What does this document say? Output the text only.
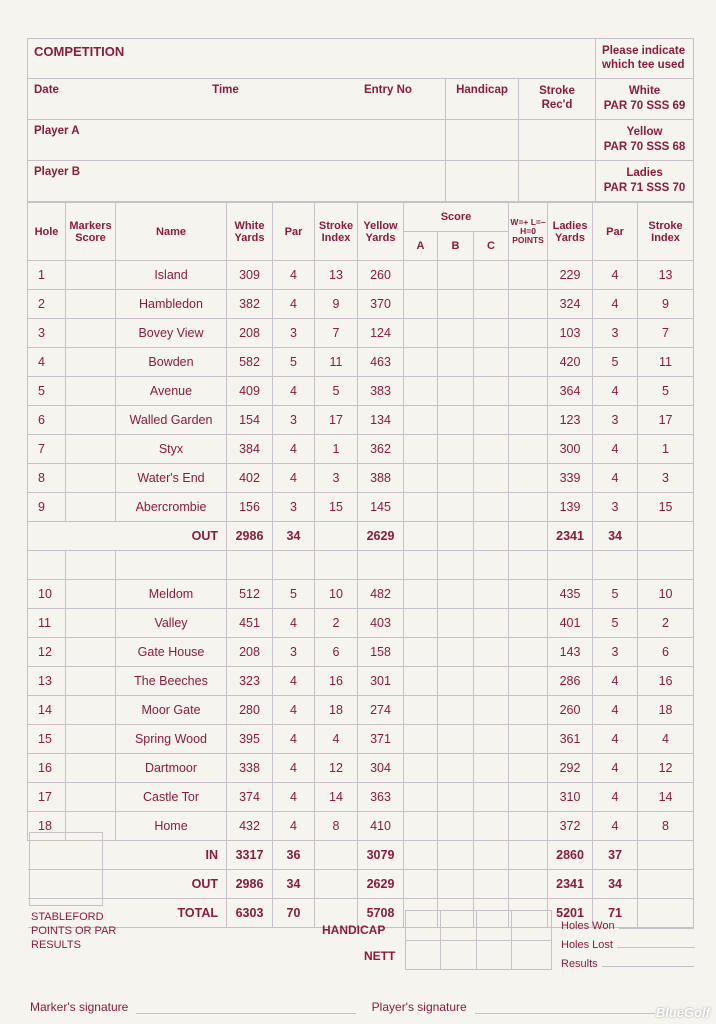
COMPETITION			Please indicate which tee used
Date Time Entry No	Handicap	Stroke Rec'd	White
PAR 70 SSS 69

Player A			Yellow
PAR 70 SSS 68

Player B			Ladies
PAR 71 SSS 70
Hole	Markers Score	Name	White Yards	Par	Stroke Index	Yellow Yards	Score			W=+ L=– H=0 POINTS	Ladies Yards	Par	Stroke Index
							A	B	C				
1		Island	309	4	13	260					229	4	13
2		Hambledon	382	4	9	370					324	4	9
3		Bovey View	208	3	7	124					103	3	7
4		Bowden	582	5	11	463					420	5	11
5		Avenue	409	4	5	383					364	4	5
6		Walled Garden	154	3	17	134					123	3	17
7		Styx	384	4	1	362					300	4	1
8		Water's End	402	4	3	388					339	4	3
9		Abercrombie	156	3	15	145					139	3	15
OUT			2986	34		2629					2341	34	

10		Meldom	512	5	10	482					435	5	10
11		Valley	451	4	2	403					401	5	2
12		Gate House	208	3	6	158					143	3	6
13		The Beeches	323	4	16	301					286	4	16
14		Moor Gate	280	4	18	274					260	4	18
15		Spring Wood	395	4	4	371					361	4	4
16		Dartmoor	338	4	12	304					292	4	12
17		Castle Tor	374	4	14	363					310	4	14
18		Home	432	4	8	410					372	4	8
IN			3317	36		3079					2860	37	
OUT			2986	34		2629					2341	34	
TOTAL			6303	70		5708					5201	71	
STABLEFORD POINTS OR PAR RESULTS
HANDICAP
NETT
Holes Won
Holes Lost
Results
Marker's signature	Player's signature	BlueGolf
